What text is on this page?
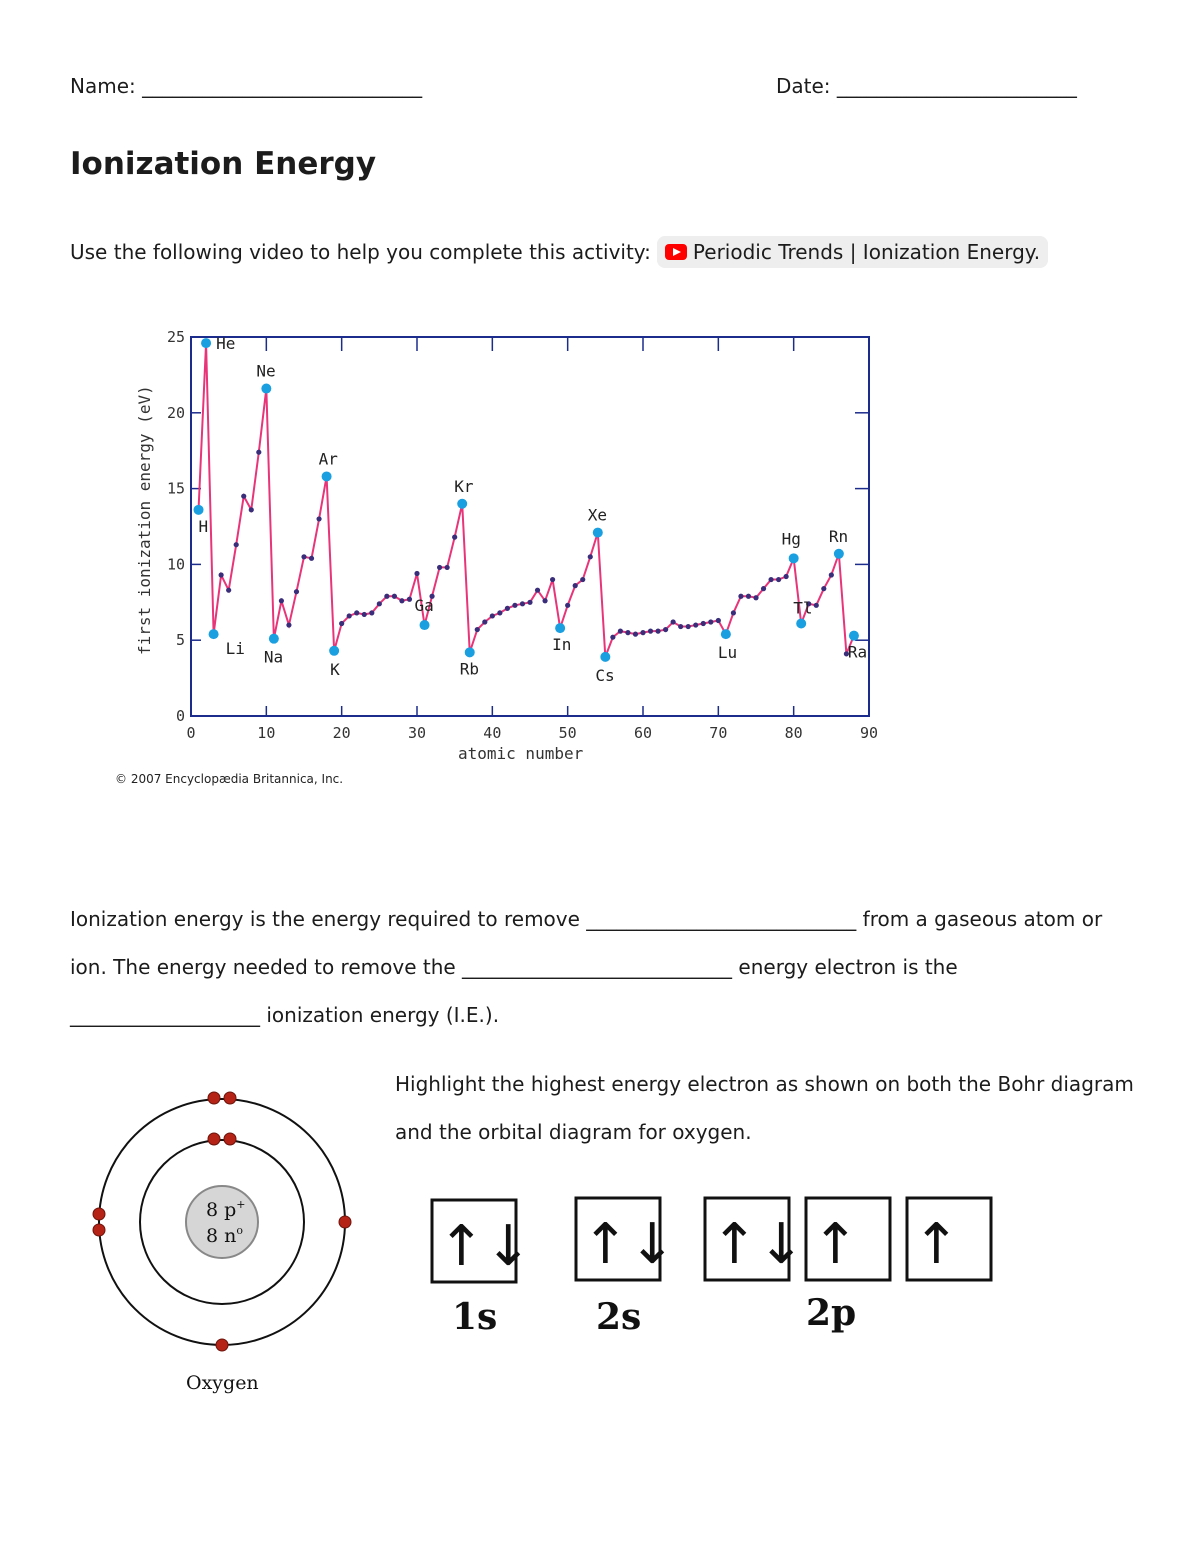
Name: ____________________________	Date: ________________________
Ionization Energy
Use the following video to help you complete this activity: Periodic Trends | Ionization Energy.
0	10	20	30	40	50	60	70	80	90
0
5
10
15
20
25
H
He
Li
Ne
Na
Ar
K
Ga
Kr
Rb
In
Xe
Cs
Lu
Hg
Tl
Rn
Ra
first ionization energy (eV)
atomic number
© 2007 Encyclopædia Britannica, Inc.
Ionization energy is the energy required to remove ___________________________ from a gaseous atom or ion. The energy needed to remove the ___________________________ energy electron is the
___________________ ionization energy (I.E.).
8 p+
8 $n^o$
Oxygen
Highlight the highest energy electron as shown on both the Bohr diagram and the orbital diagram for oxygen.
↑↓ ↑↓ ↑↓ ↑ ↑
1s	2s	2p
